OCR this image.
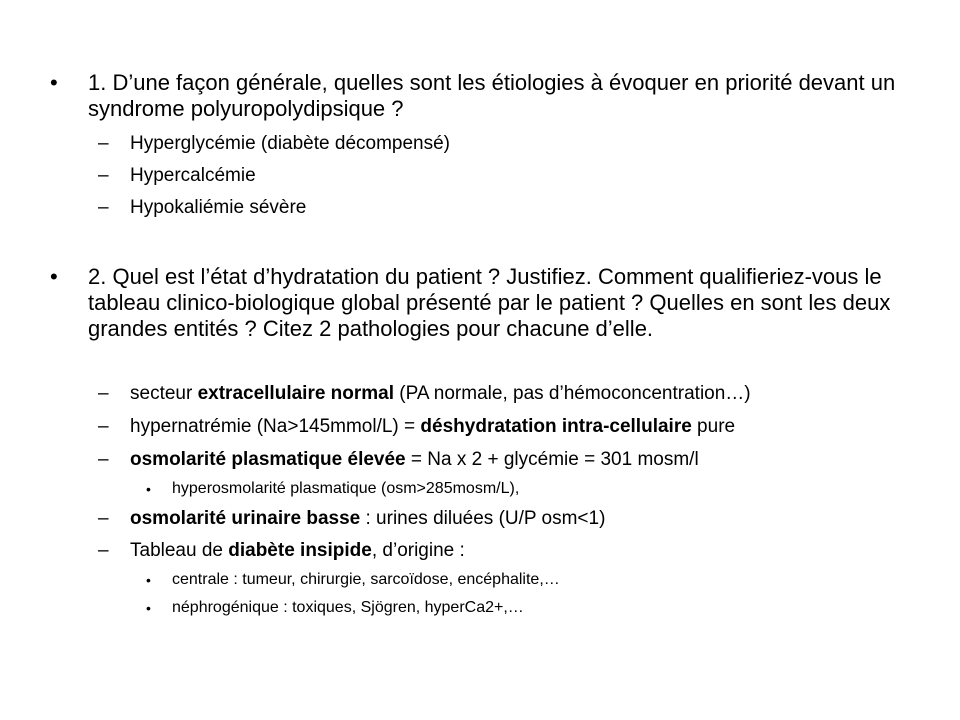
• 1. D’une façon générale, quelles sont les étiologies à évoquer en priorité devant un syndrome polyuropolydipsique ?
– Hyperglycémie (diabète décompensé)
– Hypercalcémie
– Hypokaliémie sévère
• 2. Quel est l’état d’hydratation du patient ? Justifiez. Comment qualifieriez-vous le tableau clinico-biologique global présenté par le patient ? Quelles en sont les deux grandes entités ? Citez 2 pathologies pour chacune d’elle.
– secteur extracellulaire normal (PA normale, pas d’hémoconcentration…)
– hypernatrémie (Na>145mmol/L) = déshydratation intra-cellulaire pure
– osmolarité plasmatique élevée = Na x 2 + glycémie = 301 mosm/l
• hyperosmolarité plasmatique (osm>285mosm/L),
– osmolarité urinaire basse : urines diluées (U/P osm<1)
– Tableau de diabète insipide, d’origine :
• centrale : tumeur, chirurgie, sarcoïdose, encéphalite,…
• néphrogénique : toxiques, Sjögren, hyperCa2+,…
